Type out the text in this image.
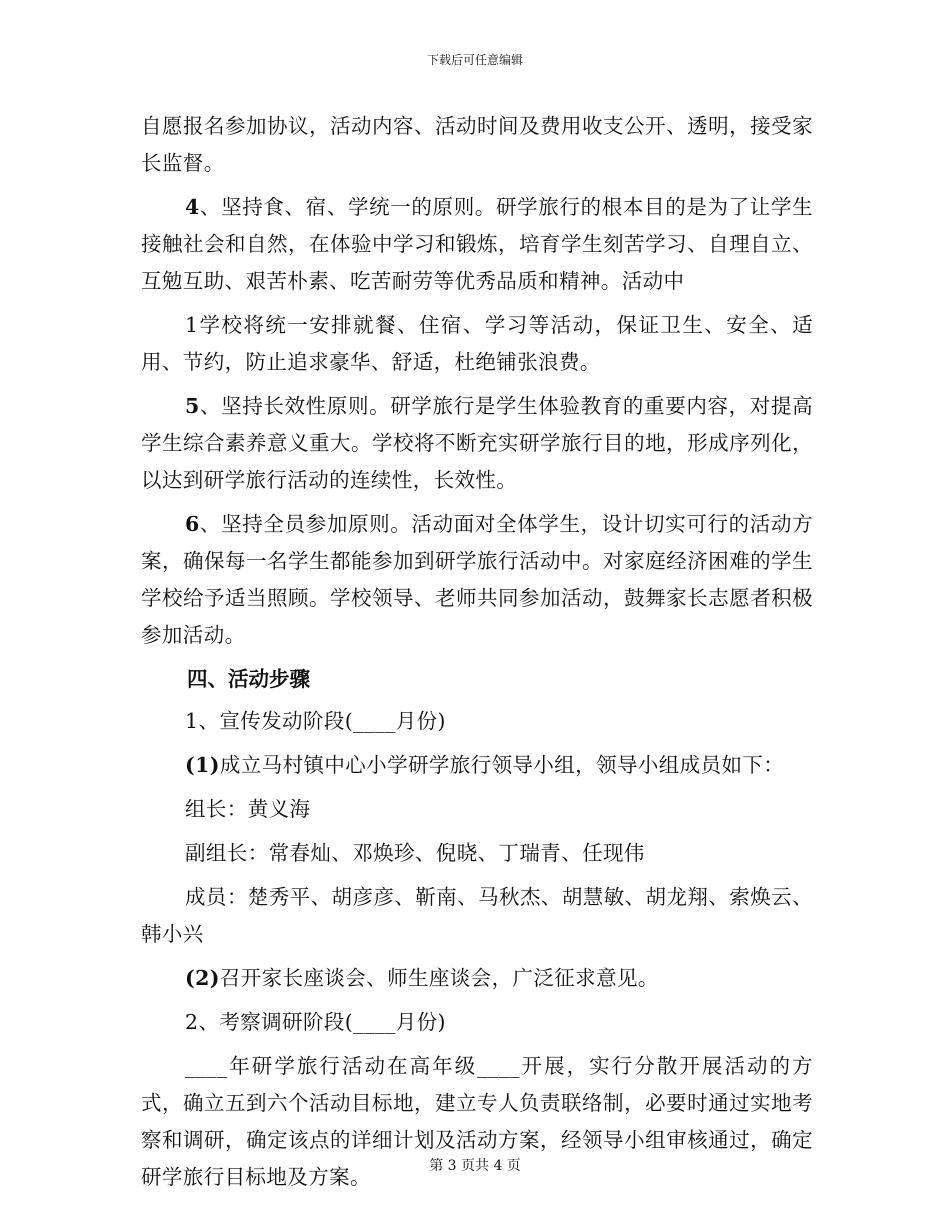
下载后可任意编辑

自愿报名参加协议，活动内容、活动时间及费用收支公开、透明，接受家长监督。

4、坚持食、宿、学统一的原则。研学旅行的根本目的是为了让学生接触社会和自然，在体验中学习和锻炼，培育学生刻苦学习、自理自立、互勉互助、艰苦朴素、吃苦耐劳等优秀品质和精神。活动中

1学校将统一安排就餐、住宿、学习等活动，保证卫生、安全、适用、节约，防止追求豪华、舒适，杜绝铺张浪费。

5、坚持长效性原则。研学旅行是学生体验教育的重要内容，对提高学生综合素养意义重大。学校将不断充实研学旅行目的地，形成序列化，以达到研学旅行活动的连续性，长效性。

6、坚持全员参加原则。活动面对全体学生，设计切实可行的活动方案，确保每一名学生都能参加到研学旅行活动中。对家庭经济困难的学生学校给予适当照顾。学校领导、老师共同参加活动，鼓舞家长志愿者积极参加活动。

四、活动步骤

1、宣传发动阶段(____月份)

(1)成立马村镇中心小学研学旅行领导小组，领导小组成员如下：

组长：黄义海

副组长：常春灿、邓焕珍、倪晓、丁瑞青、任现伟

成员：楚秀平、胡彦彦、靳南、马秋杰、胡慧敏、胡龙翔、索焕云、韩小兴

(2)召开家长座谈会、师生座谈会，广泛征求意见。

2、考察调研阶段(____月份)

____年研学旅行活动在高年级____开展，实行分散开展活动的方式，确立五到六个活动目标地，建立专人负责联络制，必要时通过实地考察和调研，确定该点的详细计划及活动方案，经领导小组审核通过，确定研学旅行目标地及方案。	第 3 页共 4 页
